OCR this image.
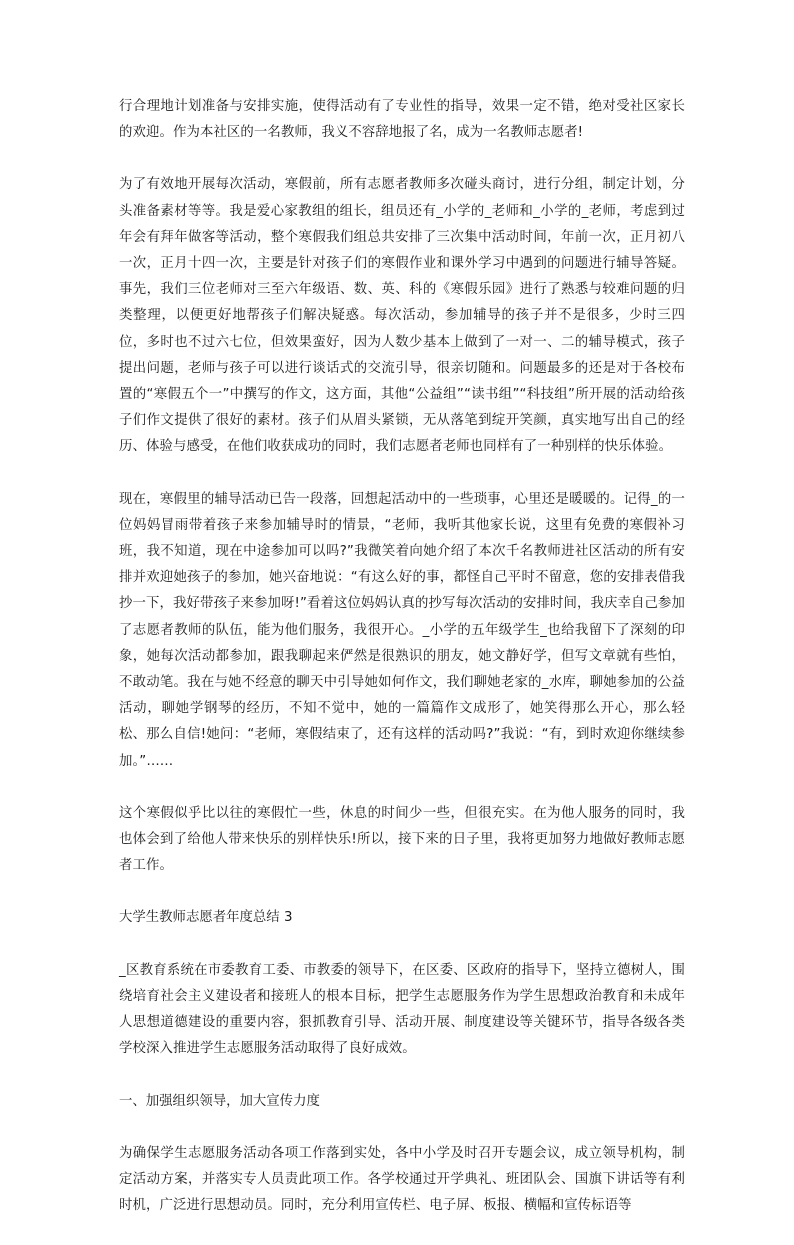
行合理地计划准备与安排实施，使得活动有了专业性的指导，效果一定不错，绝对受社区家长的欢迎。作为本社区的一名教师，我义不容辞地报了名，成为一名教师志愿者!

为了有效地开展每次活动，寒假前，所有志愿者教师多次碰头商讨，进行分组，制定计划，分头准备素材等等。我是爱心家教组的组长，组员还有_小学的_老师和_小学的_老师，考虑到过年会有拜年做客等活动，整个寒假我们组总共安排了三次集中活动时间，年前一次，正月初八一次，正月十四一次，主要是针对孩子们的寒假作业和课外学习中遇到的问题进行辅导答疑。事先，我们三位老师对三至六年级语、数、英、科的《寒假乐园》进行了熟悉与较难问题的归类整理，以便更好地帮孩子们解决疑惑。每次活动，参加辅导的孩子并不是很多，少时三四位，多时也不过六七位，但效果蛮好，因为人数少基本上做到了一对一、二的辅导模式，孩子提出问题，老师与孩子可以进行谈话式的交流引导，很亲切随和。问题最多的还是对于各校布置的“寒假五个一”中撰写的作文，这方面，其他“公益组”“读书组”“科技组”所开展的活动给孩子们作文提供了很好的素材。孩子们从眉头紧锁，无从落笔到绽开笑颜，真实地写出自己的经历、体验与感受，在他们收获成功的同时，我们志愿者老师也同样有了一种别样的快乐体验。

现在，寒假里的辅导活动已告一段落，回想起活动中的一些琐事，心里还是暖暖的。记得_的一位妈妈冒雨带着孩子来参加辅导时的情景，“老师，我听其他家长说，这里有免费的寒假补习班，我不知道，现在中途参加可以吗?”我微笑着向她介绍了本次千名教师进社区活动的所有安排并欢迎她孩子的参加，她兴奋地说：“有这么好的事，都怪自己平时不留意，您的安排表借我抄一下，我好带孩子来参加呀!”看着这位妈妈认真的抄写每次活动的安排时间，我庆幸自己参加了志愿者教师的队伍，能为他们服务，我很开心。_小学的五年级学生_也给我留下了深刻的印象，她每次活动都参加，跟我聊起来俨然是很熟识的朋友，她文静好学，但写文章就有些怕，不敢动笔。我在与她不经意的聊天中引导她如何作文，我们聊她老家的_水库，聊她参加的公益活动，聊她学钢琴的经历，不知不觉中，她的一篇篇作文成形了，她笑得那么开心，那么轻松、那么自信!她问：“老师，寒假结束了，还有这样的活动吗?”我说：“有，到时欢迎你继续参加。”……

这个寒假似乎比以往的寒假忙一些，休息的时间少一些，但很充实。在为他人服务的同时，我也体会到了给他人带来快乐的别样快乐!所以，接下来的日子里，我将更加努力地做好教师志愿者工作。

大学生教师志愿者年度总结 3

_区教育系统在市委教育工委、市教委的领导下，在区委、区政府的指导下，坚持立德树人，围绕培育社会主义建设者和接班人的根本目标，把学生志愿服务作为学生思想政治教育和未成年人思想道德建设的重要内容，狠抓教育引导、活动开展、制度建设等关键环节，指导各级各类学校深入推进学生志愿服务活动取得了良好成效。

一、加强组织领导，加大宣传力度

为确保学生志愿服务活动各项工作落到实处，各中小学及时召开专题会议，成立领导机构，制定活动方案，并落实专人员责此项工作。各学校通过开学典礼、班团队会、国旗下讲话等有利时机，广泛进行思想动员。同时，充分利用宣传栏、电子屏、板报、横幅和宣传标语等
